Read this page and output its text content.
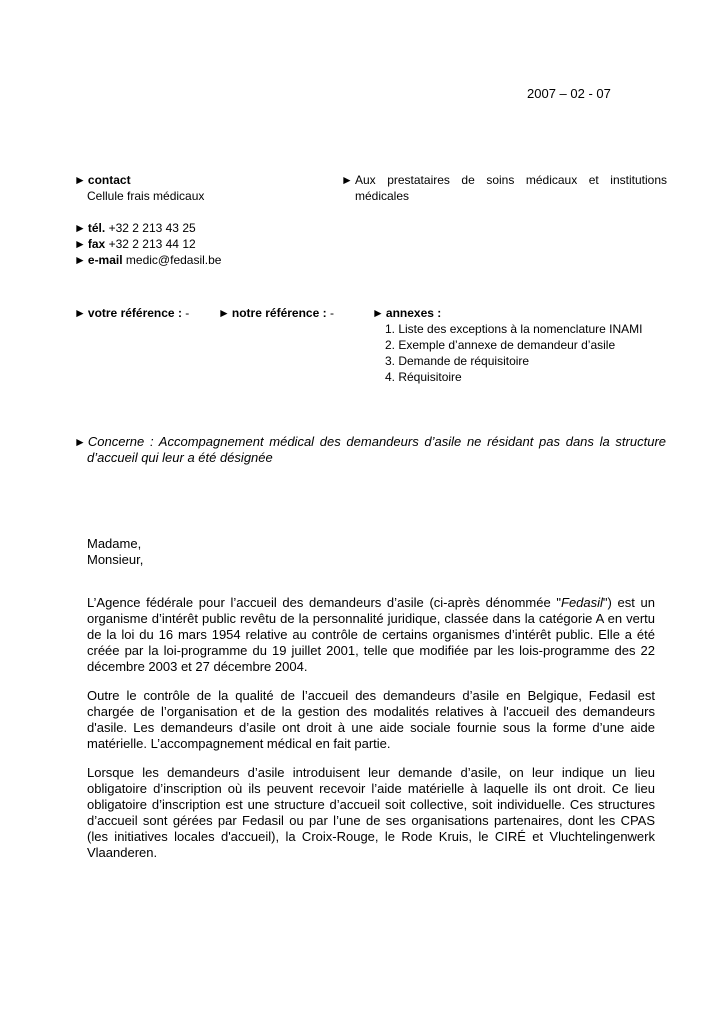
2007 – 02 - 07
► contact
Cellule frais médicaux
► Aux prestataires de soins médicaux et institutions
médicales
► tél. +32 2 213 43 25
► fax +32 2 213 44 12
► e-mail medic@fedasil.be
► votre référence : - ► notre référence : -	► annexes :
1. Liste des exceptions à la nomenclature INAMI
2. Exemple d’annexe de demandeur d’asile
3. Demande de réquisitoire
4. Réquisitoire
► Concerne : Accompagnement médical des demandeurs d’asile ne résidant pas dans la structure
d’accueil qui leur a été désignée
Madame,
Monsieur,

L’Agence fédérale pour l’accueil des demandeurs d’asile (ci-après dénommée "Fedasil") est un organisme d’intérêt public revêtu de la personnalité juridique, classée dans la catégorie A en vertu de la loi du 16 mars 1954 relative au contrôle de certains organismes d’intérêt public. Elle a été créée par la loi-programme du 19 juillet 2001, telle que modifiée par les lois-programme des 22 décembre 2003 et 27 décembre 2004.

Outre le contrôle de la qualité de l’accueil des demandeurs d’asile en Belgique, Fedasil est chargée de l’organisation et de la gestion des modalités relatives à l'accueil des demandeurs d'asile. Les demandeurs d’asile ont droit à une aide sociale fournie sous la forme d’une aide matérielle. L’accompagnement médical en fait partie.

Lorsque les demandeurs d’asile introduisent leur demande d’asile, on leur indique un lieu obligatoire d’inscription où ils peuvent recevoir l’aide matérielle à laquelle ils ont droit. Ce lieu obligatoire d’inscription est une structure d’accueil soit collective, soit individuelle. Ces structures d’accueil sont gérées par Fedasil ou par l’une de ses organisations partenaires, dont les CPAS (les initiatives locales d'accueil), la Croix-Rouge, le Rode Kruis, le CIRÉ et Vluchtelingenwerk Vlaanderen.
